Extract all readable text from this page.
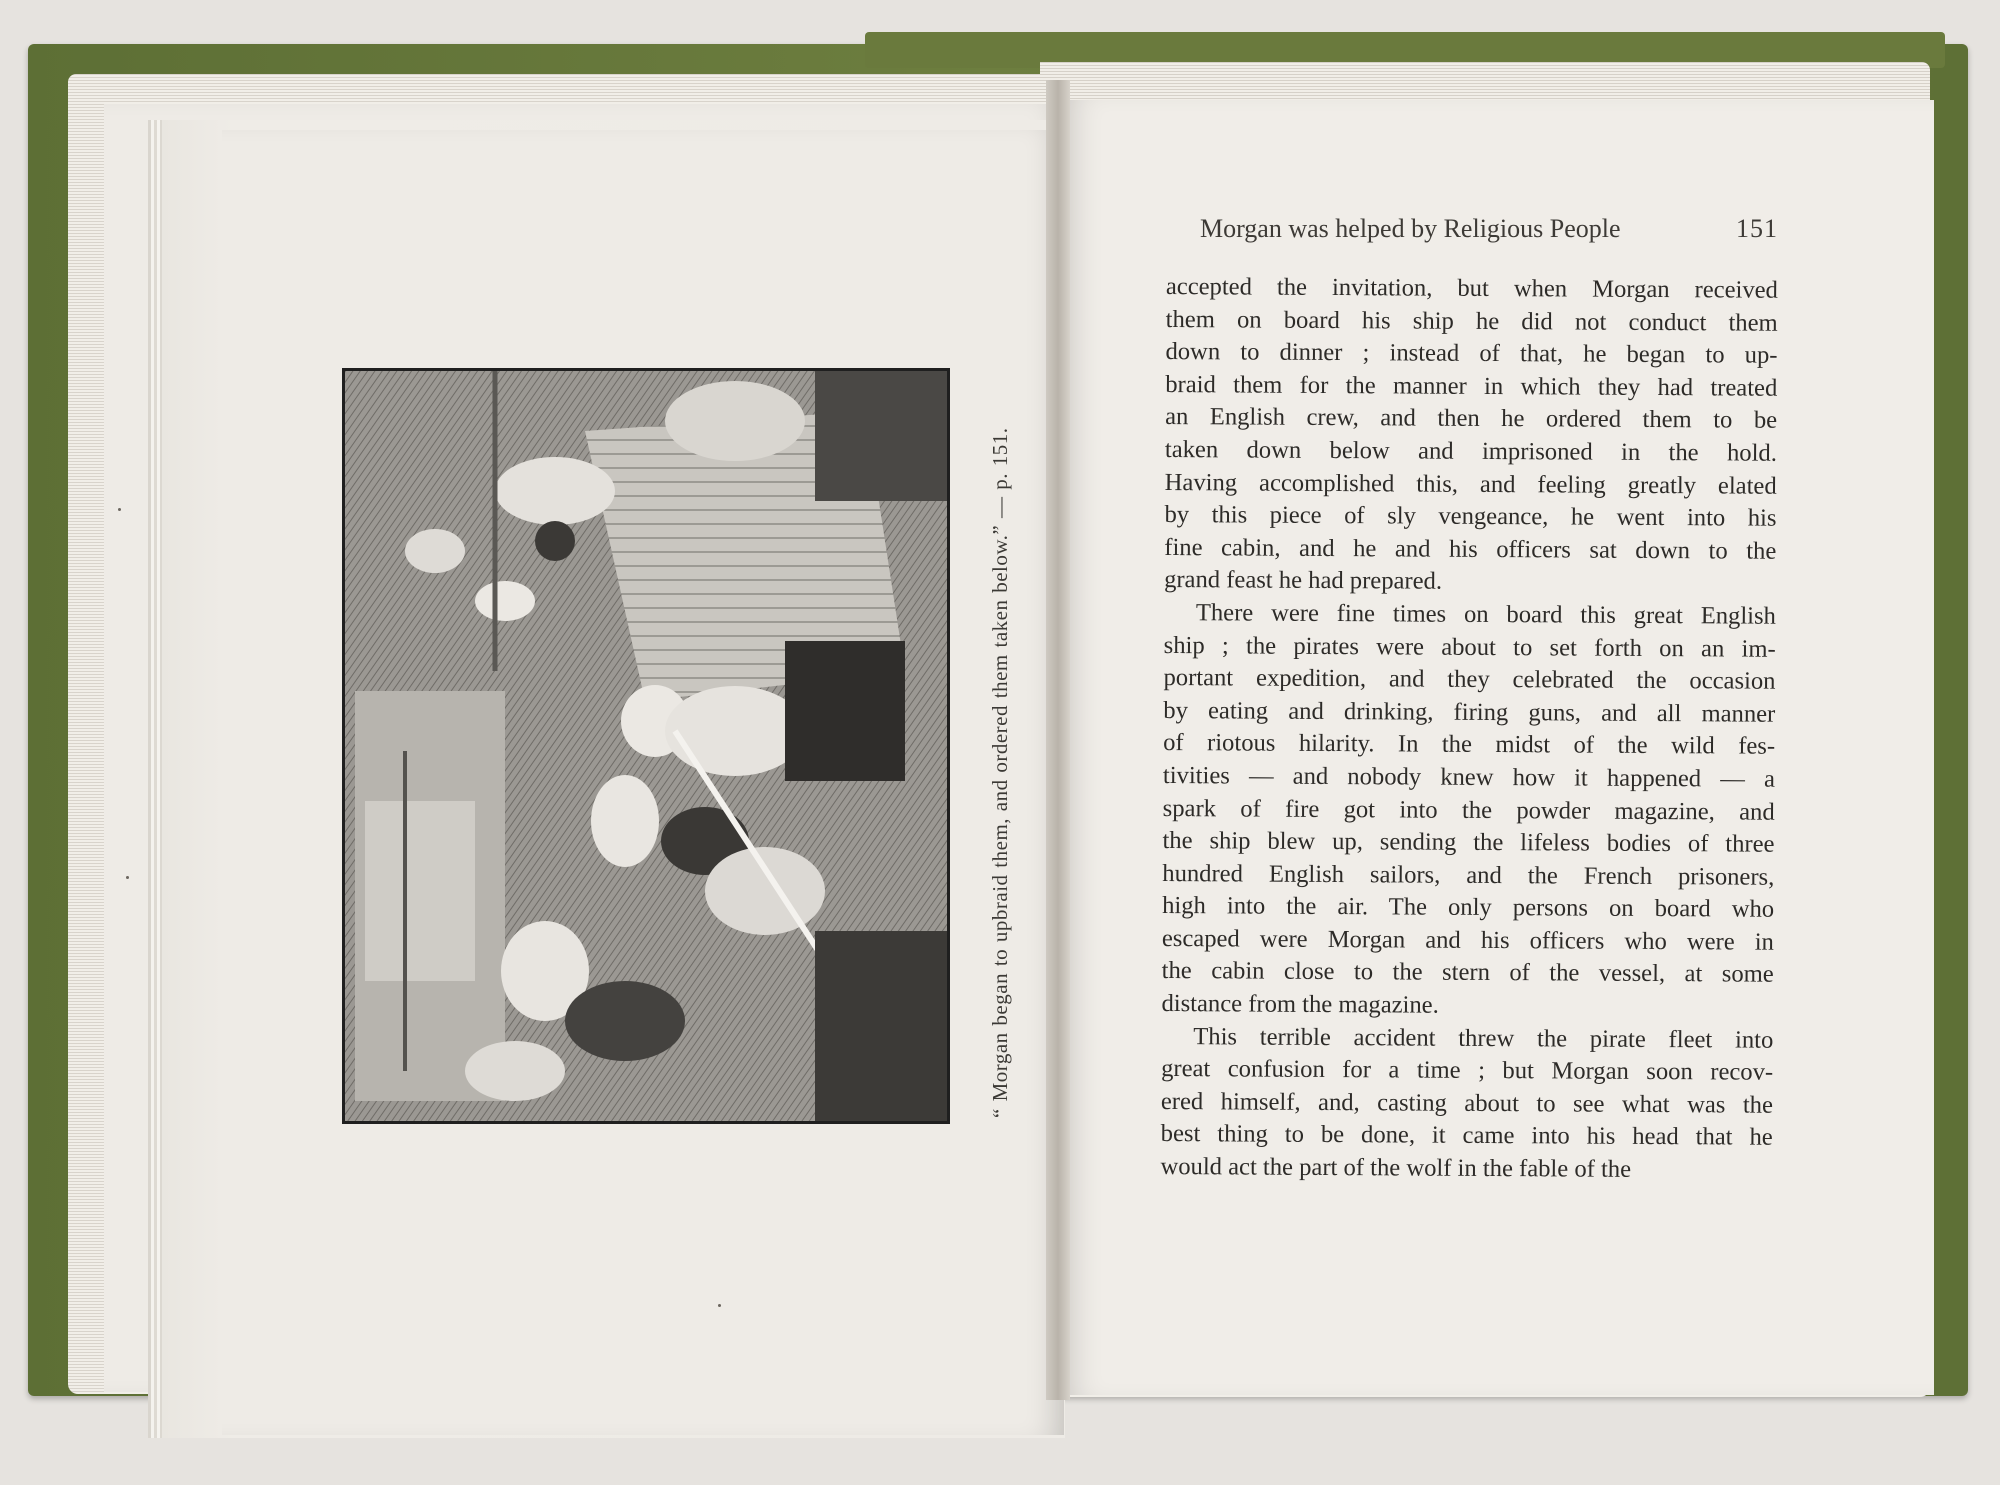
“ Morgan began to upbraid them, and ordered them taken below.” — p. 151.
Morgan was helped by Religious People	151
accepted the invitation, but when Morgan received
them on board his ship he did not conduct them
down to dinner ; instead of that, he began to up-
braid them for the manner in which they had treated
an English crew, and then he ordered them to be
taken down below and imprisoned in the hold.
Having accomplished this, and feeling greatly elated
by this piece of sly vengeance, he went into his
fine cabin, and he and his officers sat down to the
grand feast he had prepared.
There were fine times on board this great English
ship ; the pirates were about to set forth on an im-
portant expedition, and they celebrated the occasion
by eating and drinking, firing guns, and all manner
of riotous hilarity. In the midst of the wild fes-
tivities — and nobody knew how it happened — a
spark of fire got into the powder magazine, and
the ship blew up, sending the lifeless bodies of three
hundred English sailors, and the French prisoners,
high into the air. The only persons on board who
escaped were Morgan and his officers who were in
the cabin close to the stern of the vessel, at some
distance from the magazine.
This terrible accident threw the pirate fleet into
great confusion for a time ; but Morgan soon recov-
ered himself, and, casting about to see what was the
best thing to be done, it came into his head that he
would act the part of the wolf in the fable of the
